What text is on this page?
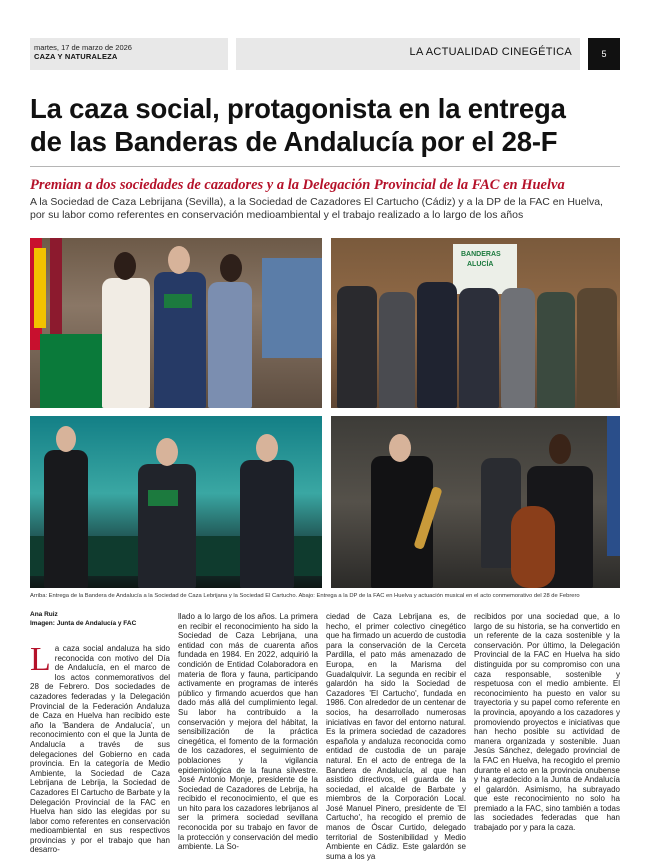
martes, 17 de marzo de 2026
CAZA Y NATURALEZA	LA ACTUALIDAD CINEGÉTICA	5
La caza social, protagonista en la entrega
de las Banderas de Andalucía por el 28-F
Premian a dos sociedades de cazadores y a la Delegación Provincial de la FAC en Huelva
A la Sociedad de Caza Lebrijana (Sevilla), a la Sociedad de Cazadores El Cartucho (Cádiz) y a la DP de la FAC en Huelva,
por su labor como referentes en conservación medioambiental y el trabajo realizado a lo largo de los años
BANDERAS
ALUCÍA
Arriba: Entrega de la Bandera de Andalucía a la Sociedad de Caza Lebrijana y la Sociedad El Cartucho. Abajo: Entrega a la DP de la FAC en Huelva y actuación musical en el acto conmemorativo del 28 de Febrero
Ana Ruiz
Imagen: Junta de Andalucía y FAC
L a caza social andaluza ha sido reconocida con motivo del Día de Andalucía, en el marco de los actos conmemorativos del 28 de Febrero. Dos sociedades de cazadores federadas y la Delegación Provincial de la Federación Andaluza de Caza en Huelva han recibido este año la 'Bandera de Andalucía', un reconocimiento con el que la Junta de Andalucía a través de sus delegaciones del Gobierno en cada provincia. En la categoría de Medio Ambiente, la Sociedad de Caza Lebrijana de Lebrija, la Sociedad de Cazadores El Cartucho de Barbate y la Delegación Provincial de la FAC en Huelva han sido las elegidas por su labor como referentes en conservación medioambiental en sus respectivos provincias y por el trabajo que han desarro-
llado a lo largo de los años. La primera en recibir el reconocimiento ha sido la Sociedad de Caza Lebrijana, una entidad con más de cuarenta años fundada en 1984. En 2022, adquirió la condición de Entidad Colaboradora en materia de flora y fauna, participando activamente en programas de interés público y firmando acuerdos que han dado más allá del cumplimiento legal. Su labor ha contribuido a la conservación y mejora del hábitat, la sensibilización de la práctica cinegética, el fomento de la formación de los cazadores, el seguimiento de poblaciones y la vigilancia epidemiológica de la fauna silvestre. José Antonio Monje, presidente de la Sociedad de Cazadores de Lebrija, ha recibido el reconocimiento, el que es un hito para los cazadores lebrijanos al ser la primera sociedad sevillana reconocida por su trabajo en favor de la protección y conservación del medio ambiente. La So-
ciedad de Caza Lebrijana es, de hecho, el primer colectivo cinegético que ha firmado un acuerdo de custodia para la conservación de la Cerceta Pardilla, el pato más amenazado de Europa, en la Marisma del Guadalquivir. La segunda en recibir el galardón ha sido la Sociedad de Cazadores 'El Cartucho', fundada en 1986. Con alrededor de un centenar de socios, ha desarrollado numerosas iniciativas en favor del entorno natural. Es la primera sociedad de cazadores española y andaluza reconocida como entidad de custodia de un paraje natural. En el acto de entrega de la Bandera de Andalucía, al que han asistido directivos, el guarda de la sociedad, el alcalde de Barbate y miembros de la Corporación Local. José Manuel Pinero, presidente de 'El Cartucho', ha recogido el premio de manos de Óscar Curtido, delegado territorial de Sostenibilidad y Medio Ambiente en Cádiz. Este galardón se suma a los ya
recibidos por una sociedad que, a lo largo de su historia, se ha convertido en un referente de la caza sostenible y la conservación. Por último, la Delegación Provincial de la FAC en Huelva ha sido distinguida por su compromiso con una caza responsable, sostenible y respetuosa con el medio ambiente. El reconocimiento ha puesto en valor su trayectoria y su papel como referente en la provincia, apoyando a los cazadores y promoviendo proyectos e iniciativas que han hecho posible su actividad de manera organizada y sostenible. Juan Jesús Sánchez, delegado provincial de la FAC en Huelva, ha recogido el premio durante el acto en la provincia onubense y ha agradecido a la Junta de Andalucía el galardón. Asimismo, ha subrayado que este reconocimiento no solo ha premiado a la FAC, sino también a todas las sociedades federadas que han trabajado por y para la caza.
